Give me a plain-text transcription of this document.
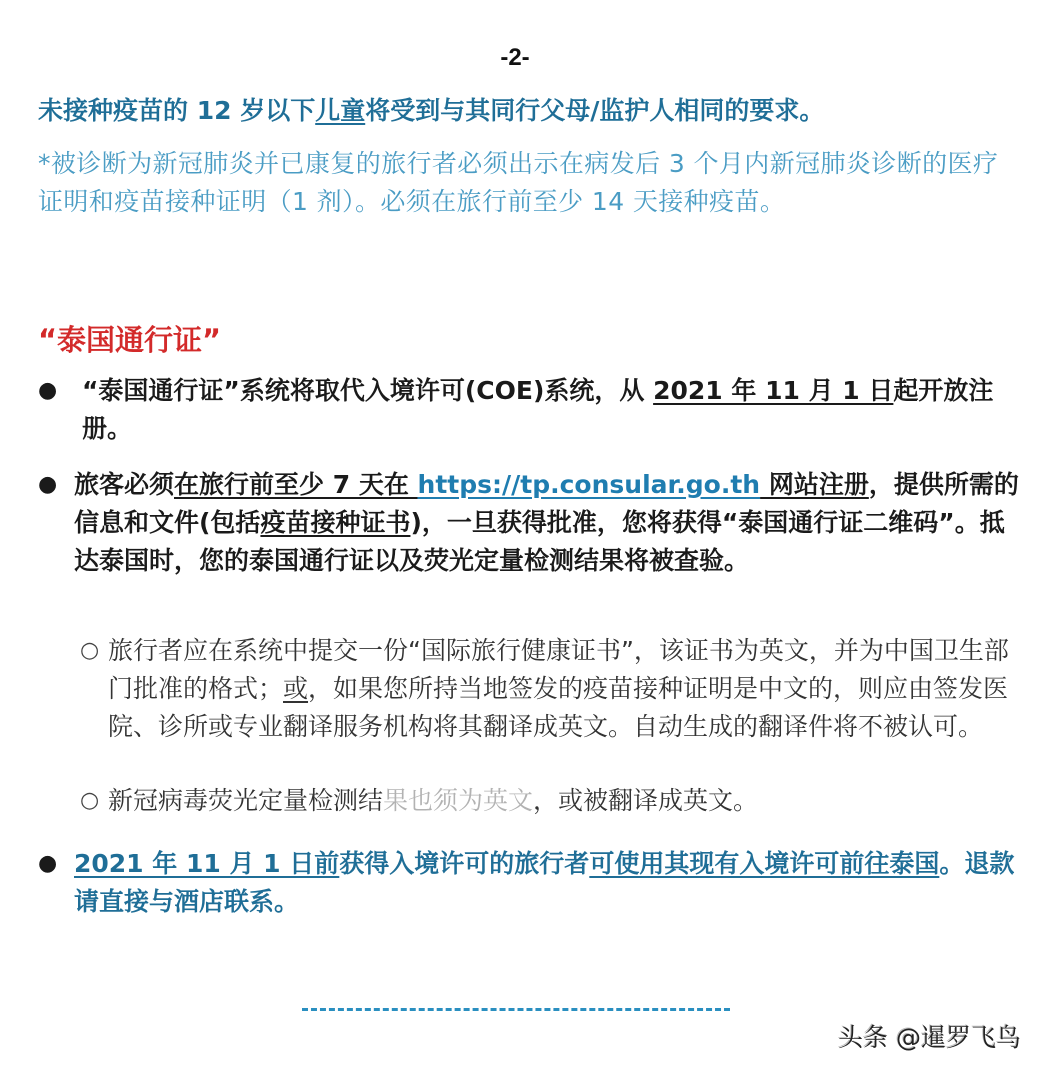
-2-

未接种疫苗的 12 岁以下儿童将受到与其同行父母/监护人相同的要求。

*被诊断为新冠肺炎并已康复的旅行者必须出示在病发后 3 个月内新冠肺炎诊断的医疗证明和疫苗接种证明（1 剂）。必须在旅行前至少 14 天接种疫苗。

“泰国通行证”
● “泰国通行证”系统将取代入境许可(COE)系统，从 2021 年 11 月 1 日起开放注册。
● 旅客必须在旅行前至少 7 天在 https://tp.consular.go.th 网站注册，提供所需的信息和文件(包括疫苗接种证书)，一旦获得批准，您将获得“泰国通行证二维码”。抵达泰国时，您的泰国通行证以及荧光定量检测结果将被查验。
○ 旅行者应在系统中提交一份“国际旅行健康证书”，该证书为英文，并为中国卫生部门批准的格式；或，如果您所持当地签发的疫苗接种证明是中文的，则应由签发医院、诊所或专业翻译服务机构将其翻译成英文。自动生成的翻译件将不被认可。
○ 新冠病毒荧光定量检测结果也须为英文，或被翻译成英文。
● 2021 年 11 月 1 日前获得入境许可的旅行者可使用其现有入境许可前往泰国。退款请直接与酒店联系。
头条 @暹罗飞鸟
